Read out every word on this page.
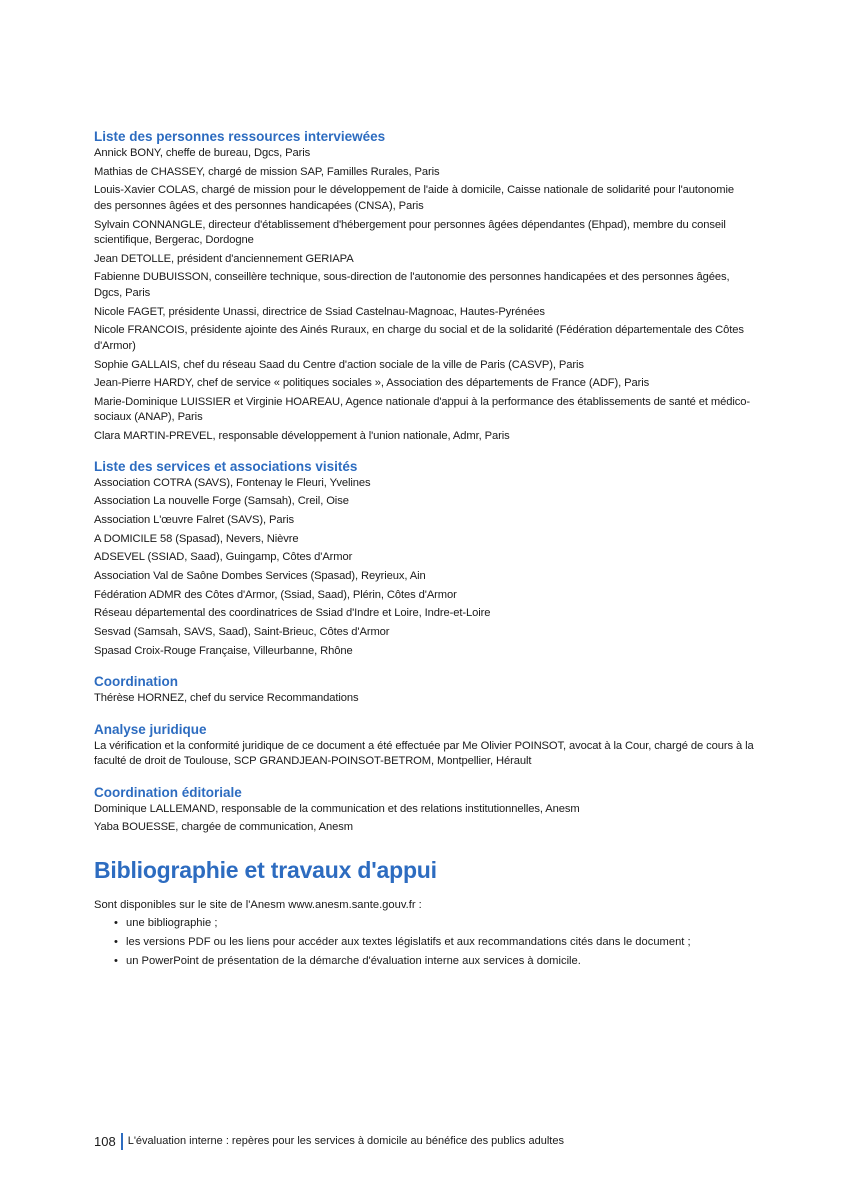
Liste des personnes ressources interviewées
Annick BONY, cheffe de bureau, Dgcs, Paris
Mathias de CHASSEY, chargé de mission SAP, Familles Rurales, Paris
Louis-Xavier COLAS, chargé de mission pour le développement de l'aide à domicile, Caisse nationale de solidarité pour l'autonomie des personnes âgées et des personnes handicapées (CNSA), Paris
Sylvain CONNANGLE, directeur d'établissement d'hébergement pour personnes âgées dépendantes (Ehpad), membre du conseil scientifique, Bergerac, Dordogne
Jean DETOLLE, président d'anciennement GERIAPA
Fabienne DUBUISSON, conseillère technique, sous-direction de l'autonomie des personnes handicapées et des personnes âgées, Dgcs, Paris
Nicole FAGET, présidente Unassi, directrice de Ssiad Castelnau-Magnoac, Hautes-Pyrénées
Nicole FRANCOIS, présidente ajointe des Ainés Ruraux, en charge du social et de la solidarité (Fédération départementale des Côtes d'Armor)
Sophie GALLAIS, chef du réseau Saad du Centre d'action sociale de la ville de Paris (CASVP), Paris
Jean-Pierre HARDY, chef de service « politiques sociales », Association des départements de France (ADF), Paris
Marie-Dominique LUISSIER et Virginie HOAREAU, Agence nationale d'appui à la performance des établissements de santé et médico-sociaux (ANAP), Paris
Clara MARTIN-PREVEL, responsable développement à l'union nationale, Admr, Paris
Liste des services et associations visités
Association COTRA (SAVS), Fontenay le Fleuri, Yvelines
Association La nouvelle Forge (Samsah), Creil, Oise
Association L'œuvre Falret (SAVS), Paris
A DOMICILE 58 (Spasad), Nevers, Nièvre
ADSEVEL (SSIAD, Saad), Guingamp, Côtes d'Armor
Association Val de Saône Dombes Services (Spasad), Reyrieux, Ain
Fédération ADMR des Côtes d'Armor, (Ssiad, Saad), Plérin, Côtes d'Armor
Réseau départemental des coordinatrices de Ssiad d'Indre et Loire, Indre-et-Loire
Sesvad (Samsah, SAVS, Saad), Saint-Brieuc, Côtes d'Armor
Spasad Croix-Rouge Française, Villeurbanne, Rhône
Coordination
Thérèse HORNEZ, chef du service Recommandations
Analyse juridique
La vérification et la conformité juridique de ce document a été effectuée par Me Olivier POINSOT, avocat à la Cour, chargé de cours à la faculté de droit de Toulouse, SCP GRANDJEAN-POINSOT-BETROM, Montpellier, Hérault
Coordination éditoriale
Dominique LALLEMAND, responsable de la communication et des relations institutionnelles, Anesm
Yaba BOUESSE, chargée de communication, Anesm
Bibliographie et travaux d'appui
Sont disponibles sur le site de l'Anesm www.anesm.sante.gouv.fr :
• une bibliographie ;
• les versions PDF ou les liens pour accéder aux textes législatifs et aux recommandations cités dans le document ;
• un PowerPoint de présentation de la démarche d'évaluation interne aux services à domicile.
108 L'évaluation interne : repères pour les services à domicile au bénéfice des publics adultes
